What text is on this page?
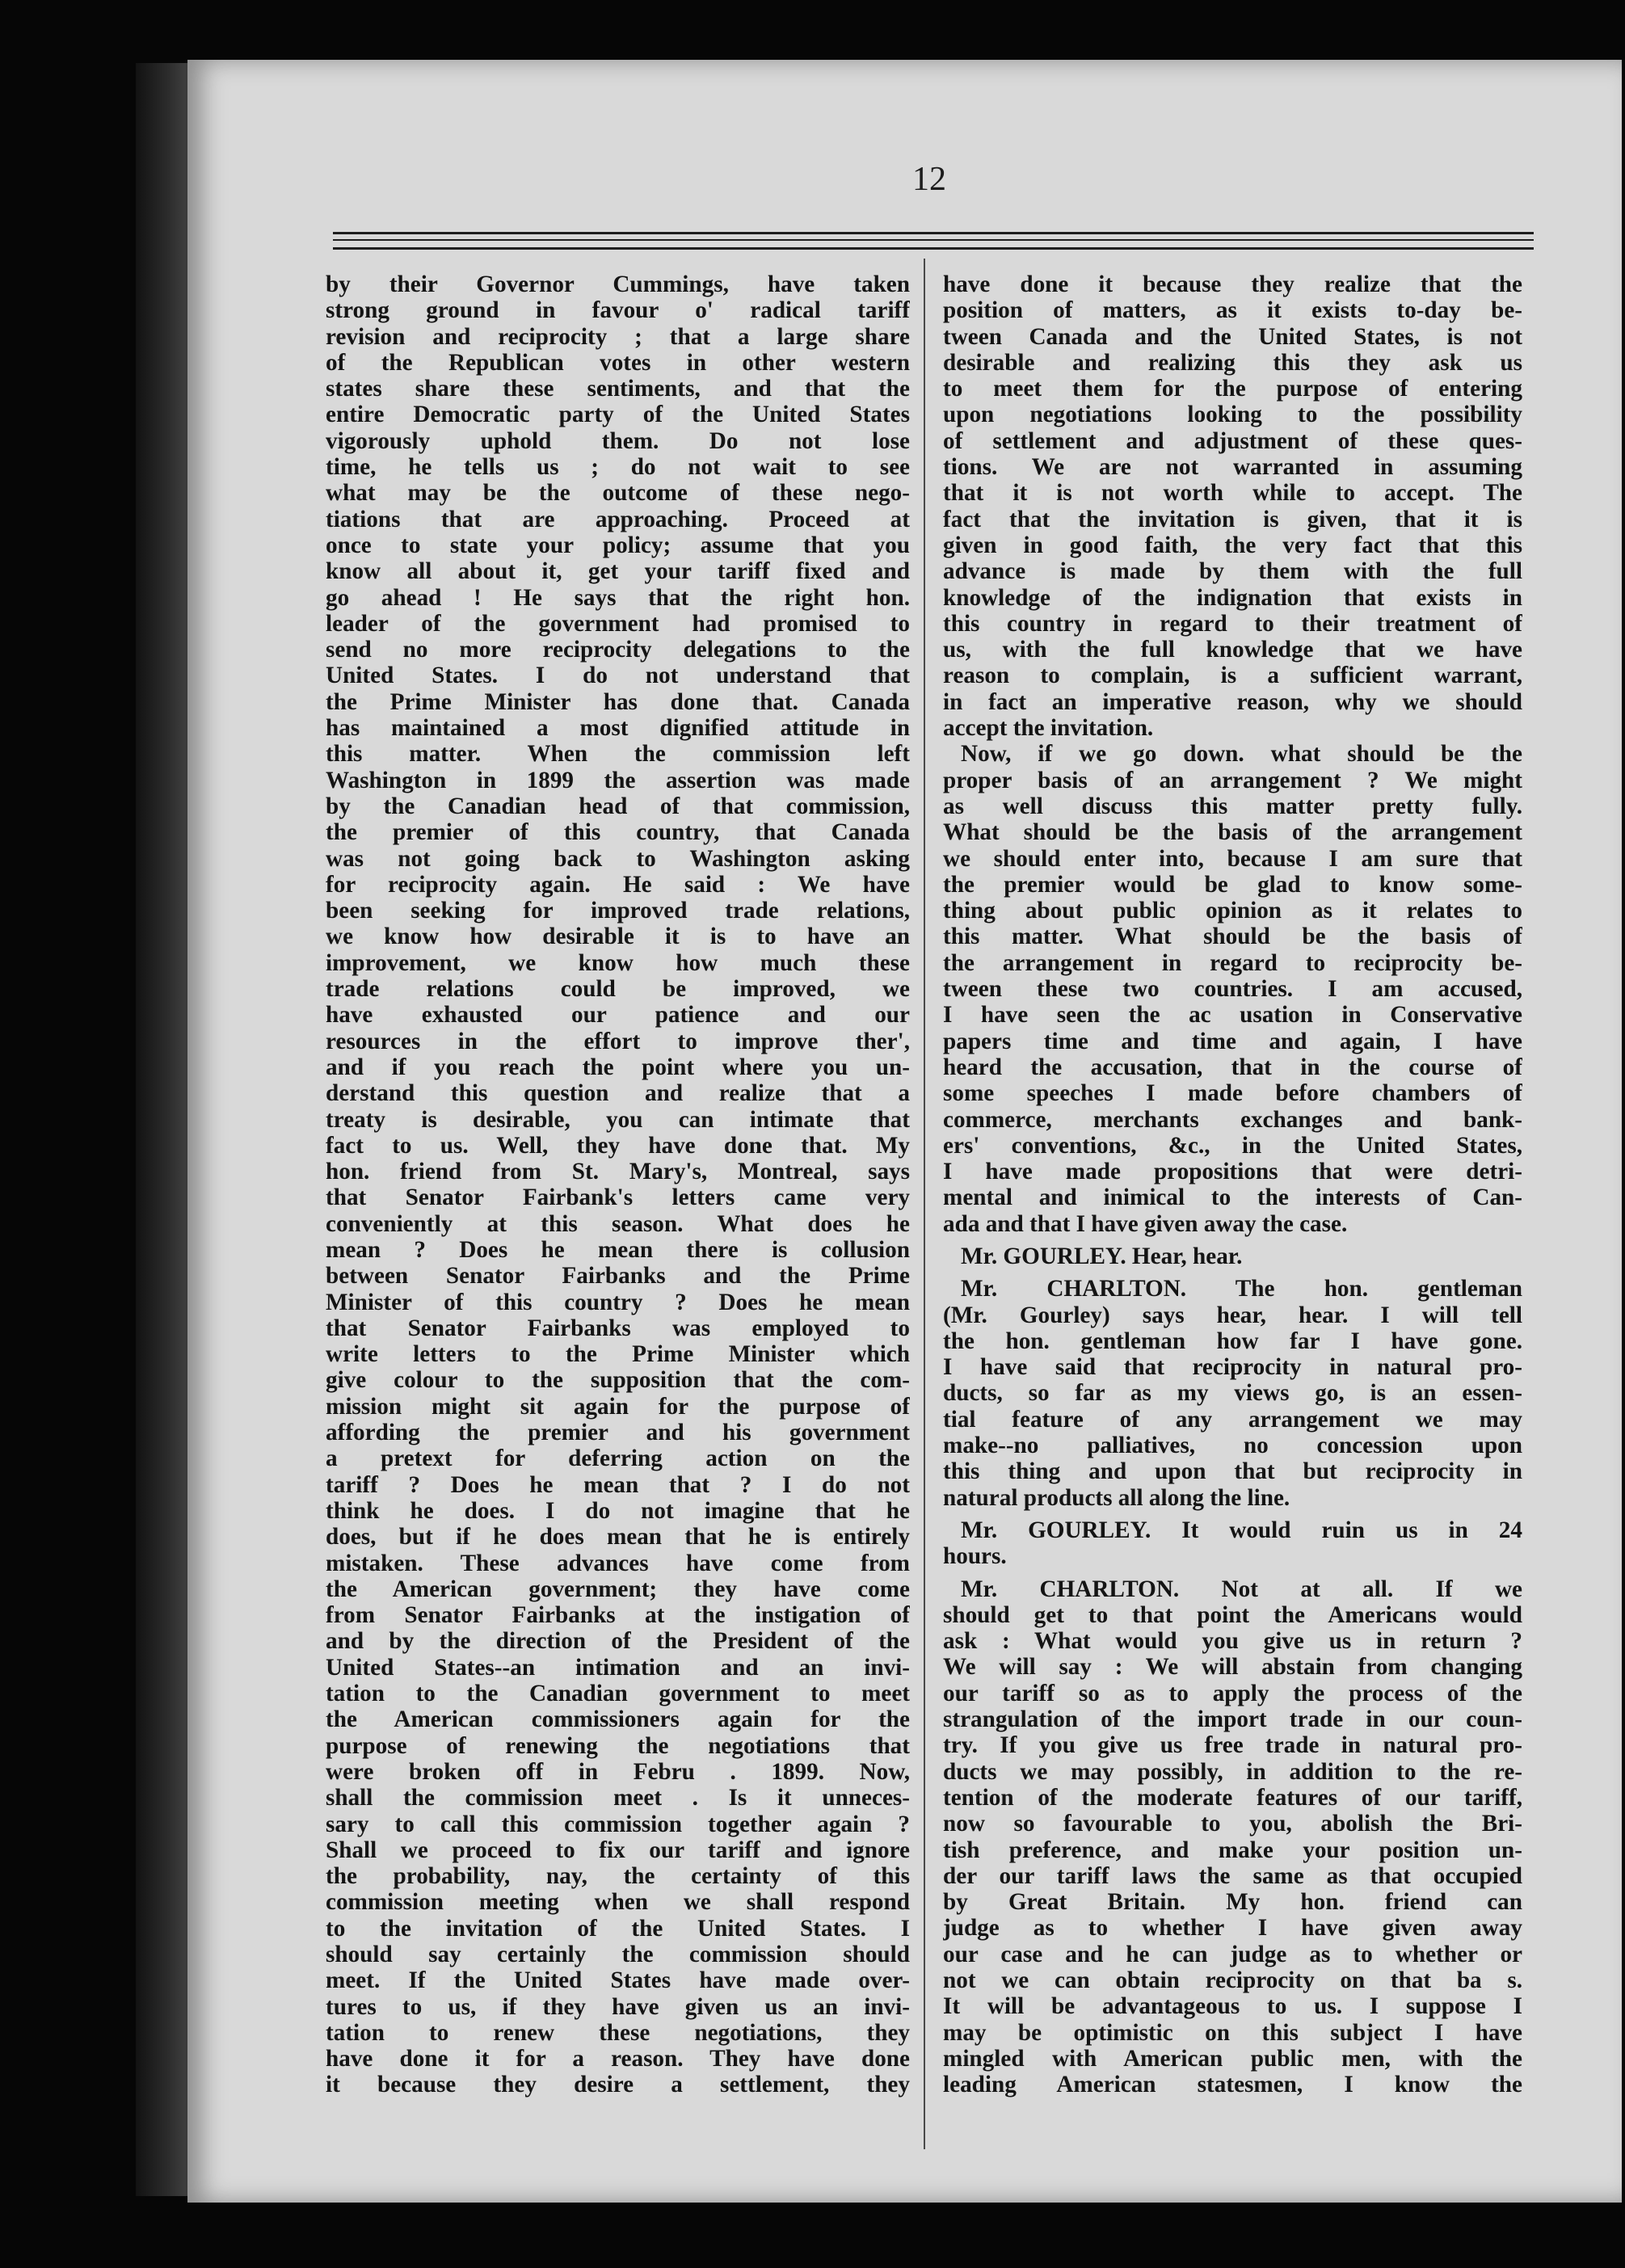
12
by their Governor Cummings, have taken
strong ground in favour o' radical tariff
revision and reciprocity ; that a large share
of the Republican votes in other western
states share these sentiments, and that the
entire Democratic party of the United States
vigorously uphold them. Do not lose
time, he tells us ; do not wait to see
what may be the outcome of these nego-
tiations that are approaching. Proceed at
once to state your policy; assume that you
know all about it, get your tariff fixed and
go ahead ! He says that the right hon.
leader of the government had promised to
send no more reciprocity delegations to the
United States. I do not understand that
the Prime Minister has done that. Canada
has maintained a most dignified attitude in
this matter. When the commission left
Washington in 1899 the assertion was made
by the Canadian head of that commission,
the premier of this country, that Canada
was not going back to Washington asking
for reciprocity again. He said : We have
been seeking for improved trade relations,
we know how desirable it is to have an
improvement, we know how much these
trade relations could be improved, we
have exhausted our patience and our
resources in the effort to improve ther',
and if you reach the point where you un-
derstand this question and realize that a
treaty is desirable, you can intimate that
fact to us. Well, they have done that. My
hon. friend from St. Mary's, Montreal, says
that Senator Fairbank's letters came very
conveniently at this season. What does he
mean ? Does he mean there is collusion
between Senator Fairbanks and the Prime
Minister of this country ? Does he mean
that Senator Fairbanks was employed to
write letters to the Prime Minister which
give colour to the supposition that the com-
mission might sit again for the purpose of
affording the premier and his government
a pretext for deferring action on the
tariff ? Does he mean that ? I do not
think he does. I do not imagine that he
does, but if he does mean that he is entirely
mistaken. These advances have come from
the American government; they have come
from Senator Fairbanks at the instigation of
and by the direction of the President of the
United States--an intimation and an invi-
tation to the Canadian government to meet
the American commissioners again for the
purpose of renewing the negotiations that
were broken off in Febru . 1899. Now,
shall the commission meet . Is it unneces-
sary to call this commission together again ?
Shall we proceed to fix our tariff and ignore
the probability, nay, the certainty of this
commission meeting when we shall respond
to the invitation of the United States. I
should say certainly the commission should
meet. If the United States have made over-
tures to us, if they have given us an invi-
tation to renew these negotiations, they
have done it for a reason. They have done
it because they desire a settlement, they
have done it because they realize that the
position of matters, as it exists to-day be-
tween Canada and the United States, is not
desirable and realizing this they ask us
to meet them for the purpose of entering
upon negotiations looking to the possibility
of settlement and adjustment of these ques-
tions. We are not warranted in assuming
that it is not worth while to accept. The
fact that the invitation is given, that it is
given in good faith, the very fact that this
advance is made by them with the full
knowledge of the indignation that exists in
this country in regard to their treatment of
us, with the full knowledge that we have
reason to complain, is a sufficient warrant,
in fact an imperative reason, why we should
accept the invitation.
Now, if we go down. what should be the
proper basis of an arrangement ? We might
as well discuss this matter pretty fully.
What should be the basis of the arrangement
we should enter into, because I am sure that
the premier would be glad to know some-
thing about public opinion as it relates to
this matter. What should be the basis of
the arrangement in regard to reciprocity be-
tween these two countries. I am accused,
I have seen the ac usation in Conservative
papers time and time and again, I have
heard the accusation, that in the course of
some speeches I made before chambers of
commerce, merchants exchanges and bank-
ers' conventions, &c., in the United States,
I have made propositions that were detri-
mental and inimical to the interests of Can-
ada and that I have given away the case.
Mr. GOURLEY. Hear, hear.
Mr. CHARLTON. The hon. gentleman
(Mr. Gourley) says hear, hear. I will tell
the hon. gentleman how far I have gone.
I have said that reciprocity in natural pro-
ducts, so far as my views go, is an essen-
tial feature of any arrangement we may
make--no palliatives, no concession upon
this thing and upon that but reciprocity in
natural products all along the line.
Mr. GOURLEY. It would ruin us in 24
hours.
Mr. CHARLTON. Not at all. If we
should get to that point the Americans would
ask : What would you give us in return ?
We will say : We will abstain from changing
our tariff so as to apply the process of the
strangulation of the import trade in our coun-
try. If you give us free trade in natural pro-
ducts we may possibly, in addition to the re-
tention of the moderate features of our tariff,
now so favourable to you, abolish the Bri-
tish preference, and make your position un-
der our tariff laws the same as that occupied
by Great Britain. My hon. friend can
judge as to whether I have given away
our case and he can judge as to whether or
not we can obtain reciprocity on that ba s.
It will be advantageous to us. I suppose I
may be optimistic on this subject I have
mingled with American public men, with the
leading American statesmen, I know the
